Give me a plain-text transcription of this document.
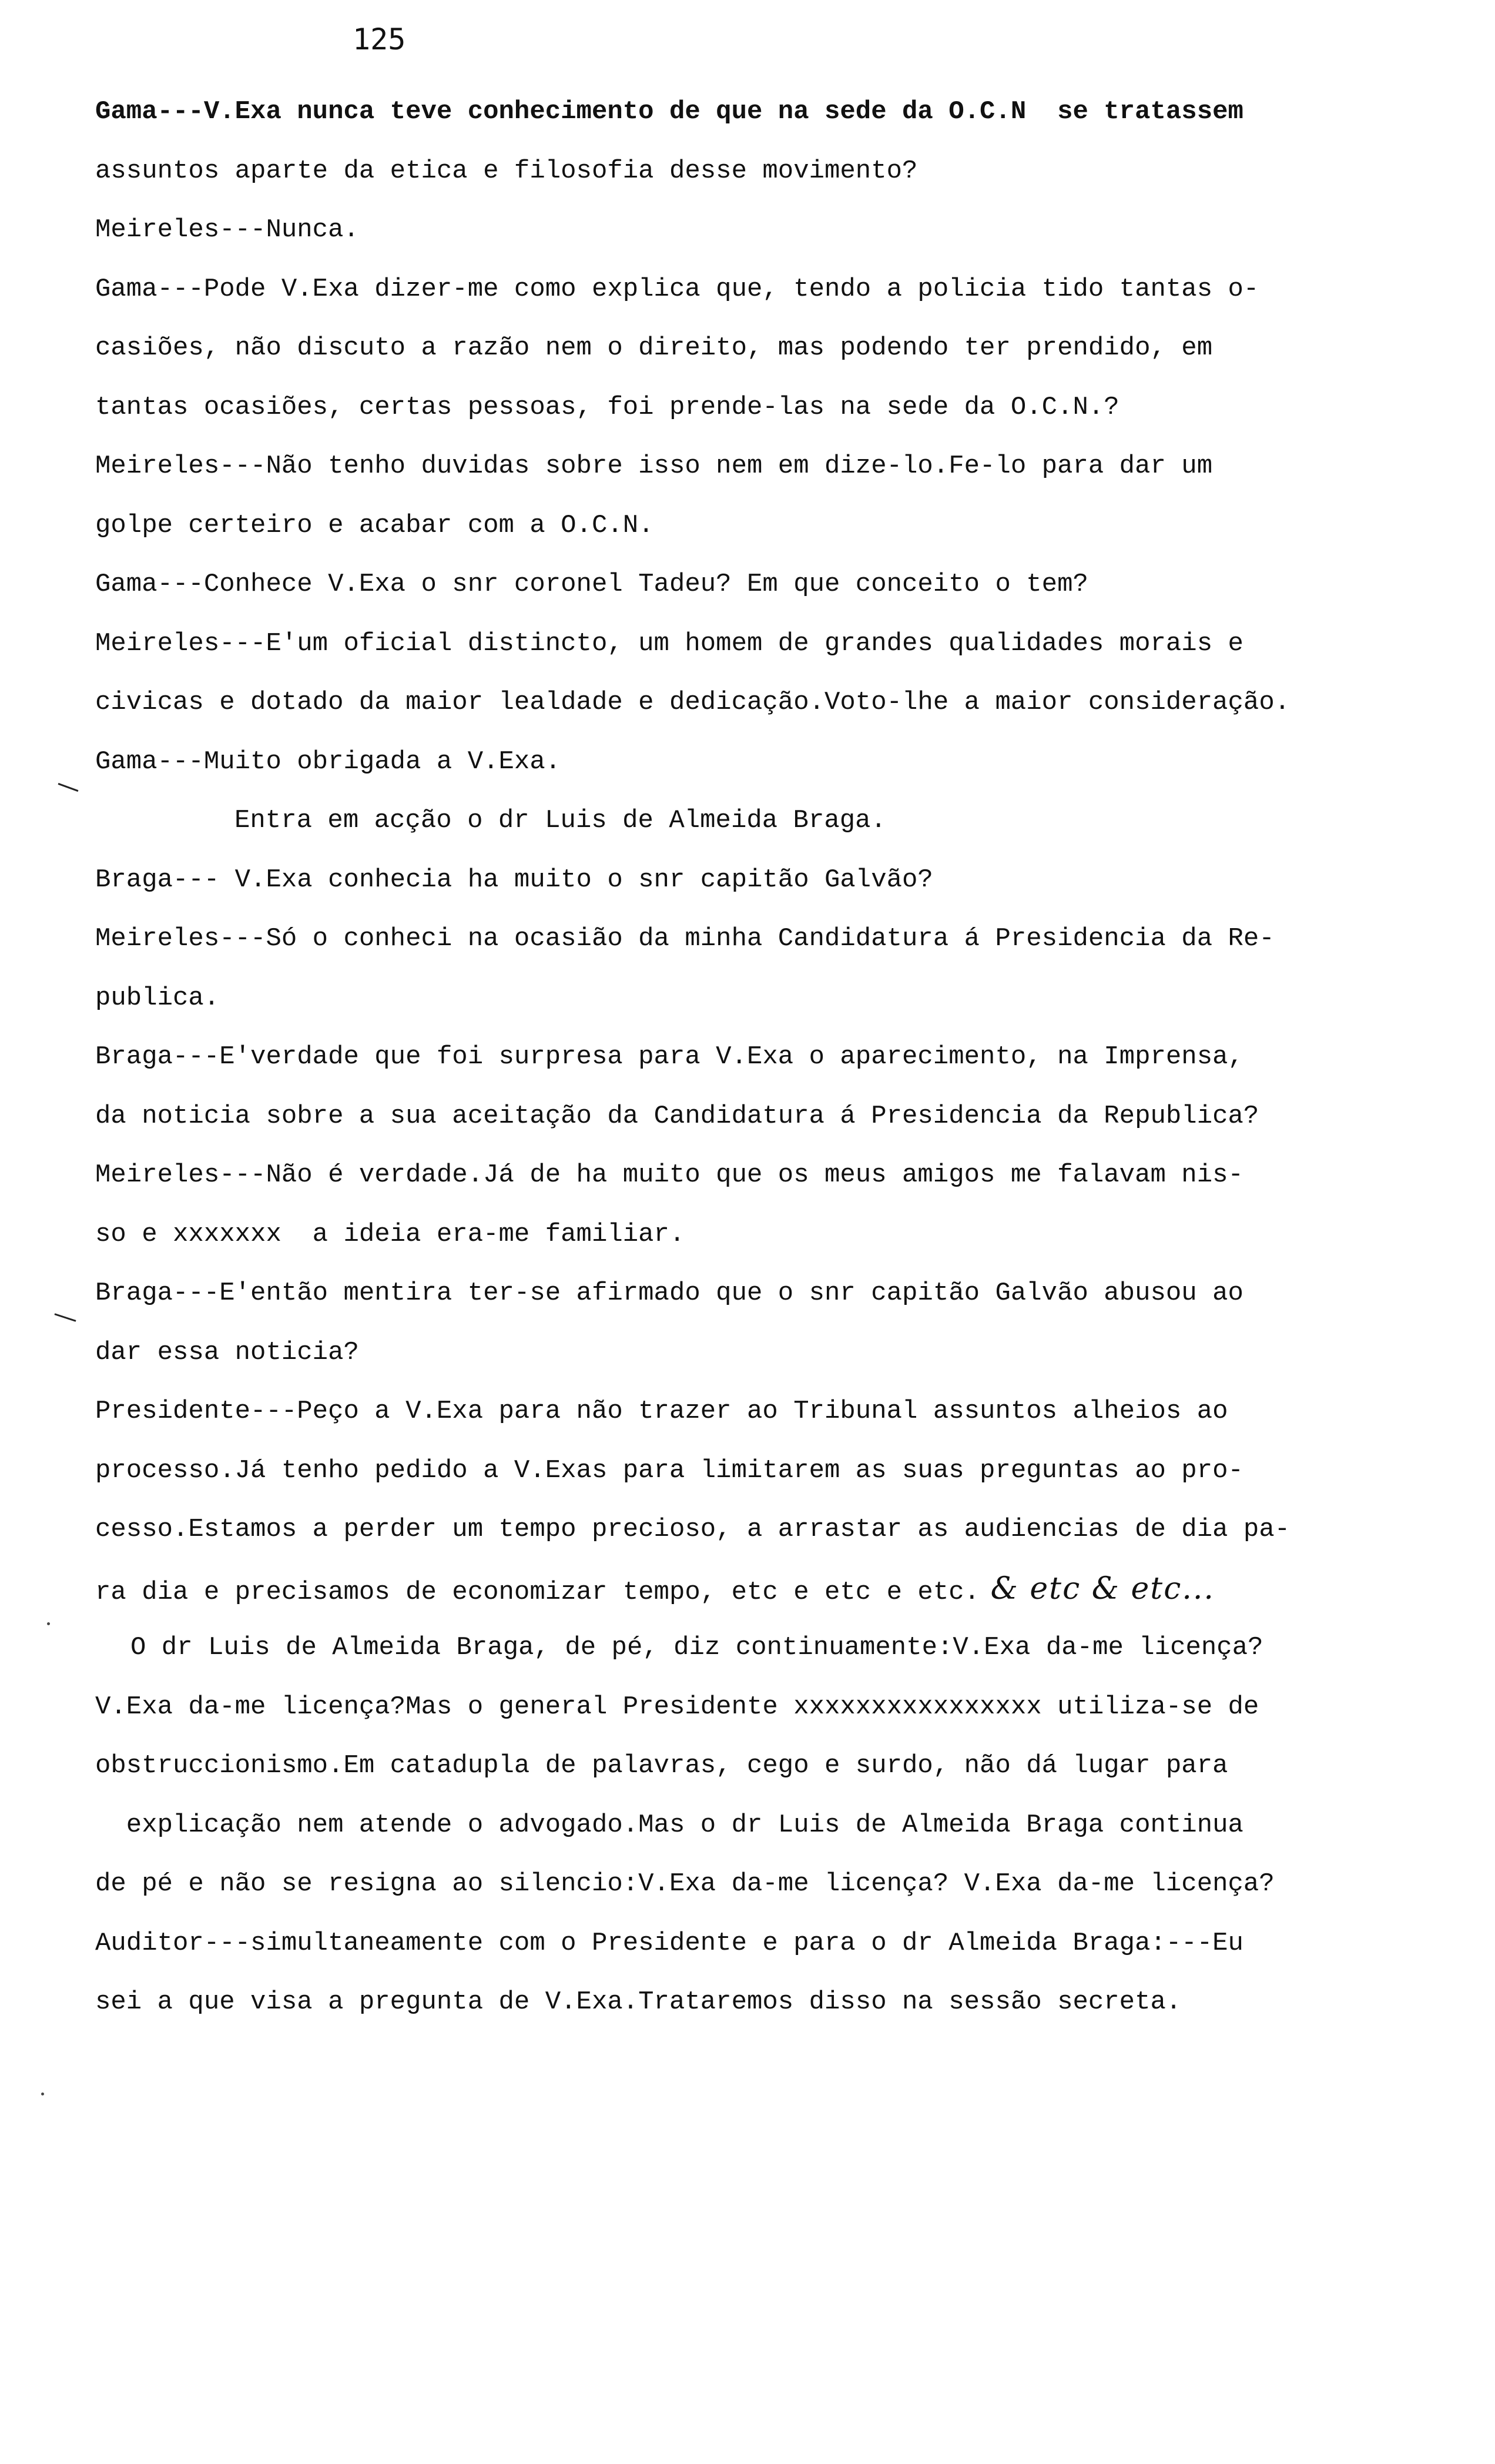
125
Gama---V.Exa nunca teve conhecimento de que na sede da O.C.N  se tratassem
assuntos aparte da etica e filosofia desse movimento?
Meireles---Nunca.
Gama---Pode V.Exa dizer-me como explica que, tendo a policia tido tantas o-
casiões, não discuto a razão nem o direito, mas podendo ter prendido, em
tantas ocasiões, certas pessoas, foi prende-las na sede da O.C.N.?
Meireles---Não tenho duvidas sobre isso nem em dize-lo.Fe-lo para dar um
golpe certeiro e acabar com a O.C.N.
Gama---Conhece V.Exa o snr coronel Tadeu? Em que conceito o tem?
Meireles---E'um oficial distincto, um homem de grandes qualidades morais e
civicas e dotado da maior lealdade e dedicação.Voto-lhe a maior consideração.
Gama---Muito obrigada a V.Exa.
Entra em acção o dr Luis de Almeida Braga.
Braga--- V.Exa conhecia ha muito o snr capitão Galvão?
Meireles---Só o conheci na ocasião da minha Candidatura á Presidencia da Re-
publica.
Braga---E'verdade que foi surpresa para V.Exa o aparecimento, na Imprensa,
da noticia sobre a sua aceitação da Candidatura á Presidencia da Republica?
Meireles---Não é verdade.Já de ha muito que os meus amigos me falavam nis-
so e xxxxxxx  a ideia era-me familiar.
Braga---E'então mentira ter-se afirmado que o snr capitão Galvão abusou ao
dar essa noticia?
Presidente---Peço a V.Exa para não trazer ao Tribunal assuntos alheios ao
processo.Já tenho pedido a V.Exas para limitarem as suas preguntas ao pro-
cesso.Estamos a perder um tempo precioso, a arrastar as audiencias de dia pa-
ra dia e precisamos de economizar tempo, etc e etc e etc. & etc & etc...
O dr Luis de Almeida Braga, de pé, diz continuamente:V.Exa da-me licença?
V.Exa da-me licença?Mas o general Presidente xxxxxxxxxxxxxxxx utiliza-se de
obstruccionismo.Em catadupla de palavras, cego e surdo, não dá lugar para
explicação nem atende o advogado.Mas o dr Luis de Almeida Braga continua
de pé e não se resigna ao silencio:V.Exa da-me licença? V.Exa da-me licença?
Auditor---simultaneamente com o Presidente e para o dr Almeida Braga:---Eu
sei a que visa a pregunta de V.Exa.Trataremos disso na sessão secreta.
